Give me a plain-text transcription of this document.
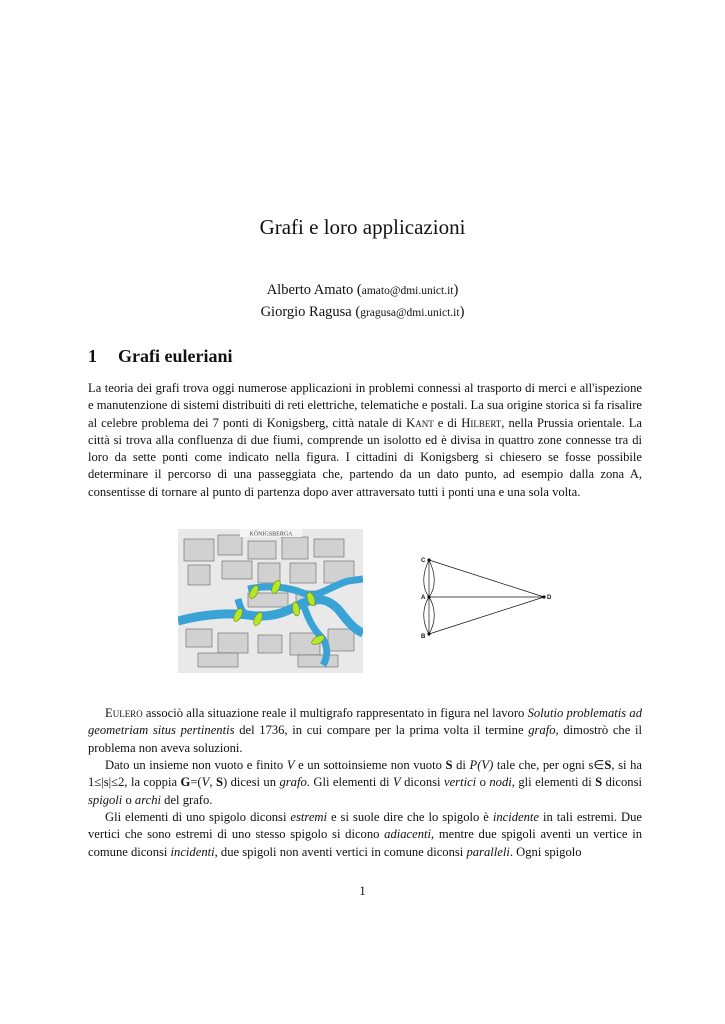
Grafi e loro applicazioni
Alberto Amato (amato@dmi.unict.it)
Giorgio Ragusa (gragusa@dmi.unict.it)
1 Grafi euleriani
La teoria dei grafi trova oggi numerose applicazioni in problemi connessi al trasporto di merci e all'ispezione e manutenzione di sistemi distribuiti di reti elettriche, telematiche e postali. La sua origine storica si fa risalire al celebre problema dei 7 ponti di Konigsberg, città natale di Kant e di Hilbert, nella Prussia orientale. La città si trova alla confluenza di due fiumi, comprende un isolotto ed è divisa in quattro zone connesse tra di loro da sette ponti come indicato nella figura. I cittadini di Konigsberg si chiesero se fosse possibile determinare il percorso di una passeggiata che, partendo da un dato punto, ad esempio dalla zona A, consentisse di tornare al punto di partenza dopo aver attraversato tutti i ponti una e una sola volta.
KÖNIGSBERGA
C
A
B
D
Eulero associò alla situazione reale il multigrafo rappresentato in figura nel lavoro Solutio problematis ad geometriam situs pertinentis del 1736, in cui compare per la prima volta il termine grafo, dimostrò che il problema non aveva soluzioni.
Dato un insieme non vuoto e finito V e un sottoinsieme non vuoto S di P(V) tale che, per ogni s∈S, si ha 1≤|s|≤2, la coppia G=(V, S) dicesi un grafo. Gli elementi di V diconsi vertici o nodi, gli elementi di S diconsi spigoli o archi del grafo.
Gli elementi di uno spigolo diconsi estremi e si suole dire che lo spigolo è incidente in tali estremi. Due vertici che sono estremi di uno stesso spigolo si dicono adiacenti, mentre due spigoli aventi un vertice in comune diconsi incidenti, due spigoli non aventi vertici in comune diconsi paralleli. Ogni spigolo
1
